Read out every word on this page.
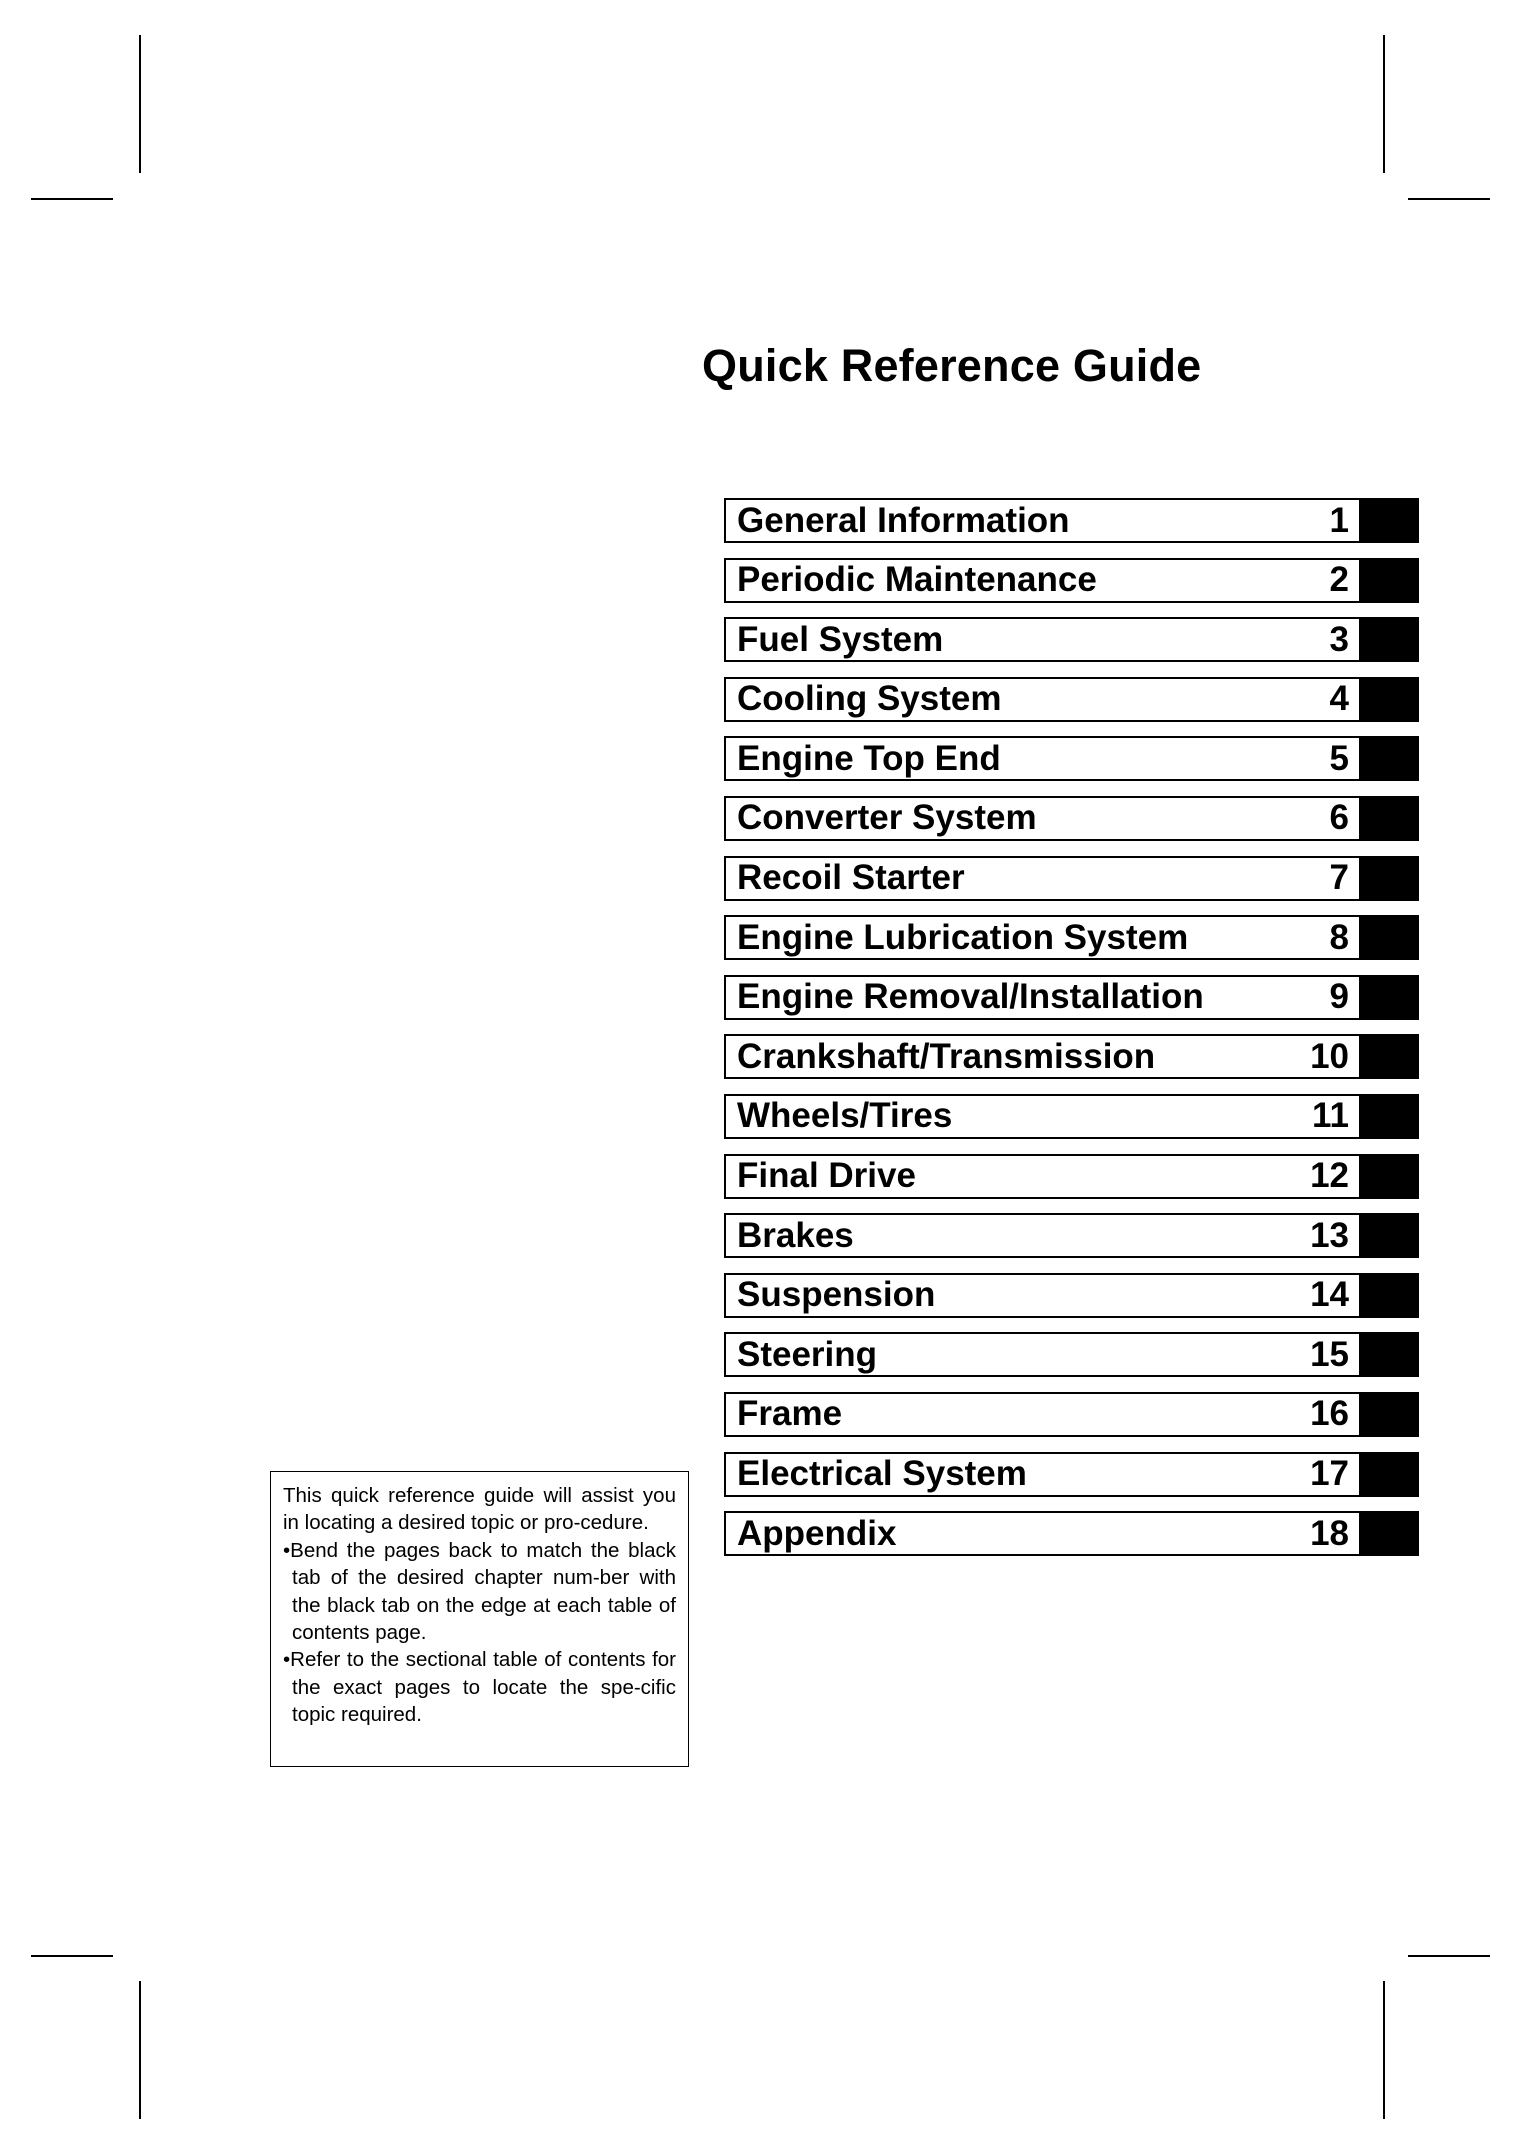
Quick Reference Guide
General Information	1
Periodic Maintenance	2
Fuel System	3
Cooling System	4
Engine Top End	5
Converter System	6
Recoil Starter	7
Engine Lubrication System	8
Engine Removal/Installation	9
Crankshaft/Transmission	10
Wheels/Tires	11
Final Drive	12
Brakes	13
Suspension	14
Steering	15
Frame	16
Electrical System	17
Appendix	18

This quick reference guide will assist you in locating a desired topic or pro-cedure.

•Bend the pages back to match the black tab of the desired chapter num-ber with the black tab on the edge at each table of contents page.

•Refer to the sectional table of contents for the exact pages to locate the spe-cific topic required.
